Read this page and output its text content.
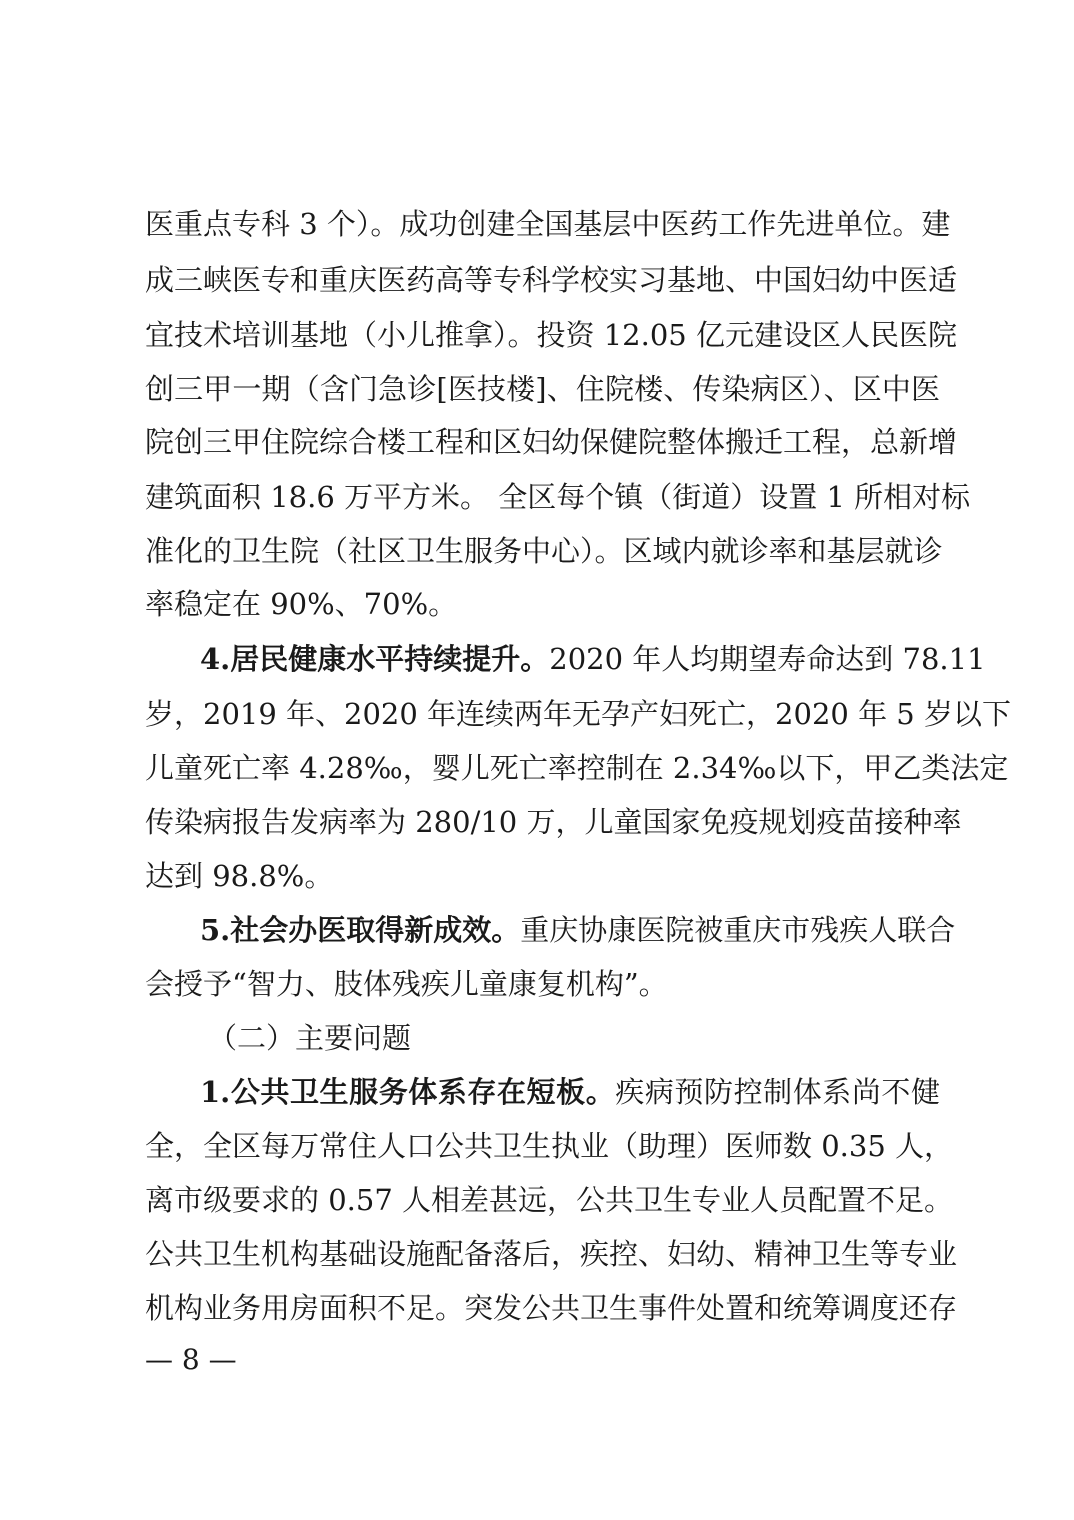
医重点专科 3 个）。成功创建全国基层中医药工作先进单位。建
成三峡医专和重庆医药高等专科学校实习基地、中国妇幼中医适
宜技术培训基地（小儿推拿）。投资 12.05 亿元建设区人民医院
创三甲一期（含门急诊[医技楼]、住院楼、传染病区）、区中医
院创三甲住院综合楼工程和区妇幼保健院整体搬迁工程，总新增
建筑面积 18.6 万平方米。 全区每个镇（街道）设置 1 所相对标
准化的卫生院（社区卫生服务中心）。区域内就诊率和基层就诊
率稳定在 90%、70%。
4.居民健康水平持续提升。2020 年人均期望寿命达到 78.11
岁，2019 年、2020 年连续两年无孕产妇死亡，2020 年 5 岁以下
儿童死亡率 4.28‰，婴儿死亡率控制在 2.34‰以下，甲乙类法定
传染病报告发病率为 280/10 万，儿童国家免疫规划疫苗接种率
达到 98.8%。
5.社会办医取得新成效。重庆协康医院被重庆市残疾人联合
会授予“智力、肢体残疾儿童康复机构”。
（二）主要问题
1.公共卫生服务体系存在短板。疾病预防控制体系尚不健
全，全区每万常住人口公共卫生执业（助理）医师数 0.35 人，
离市级要求的 0.57 人相差甚远，公共卫生专业人员配置不足。
公共卫生机构基础设施配备落后，疾控、妇幼、精神卫生等专业
机构业务用房面积不足。突发公共卫生事件处置和统筹调度还存
— 8 —
